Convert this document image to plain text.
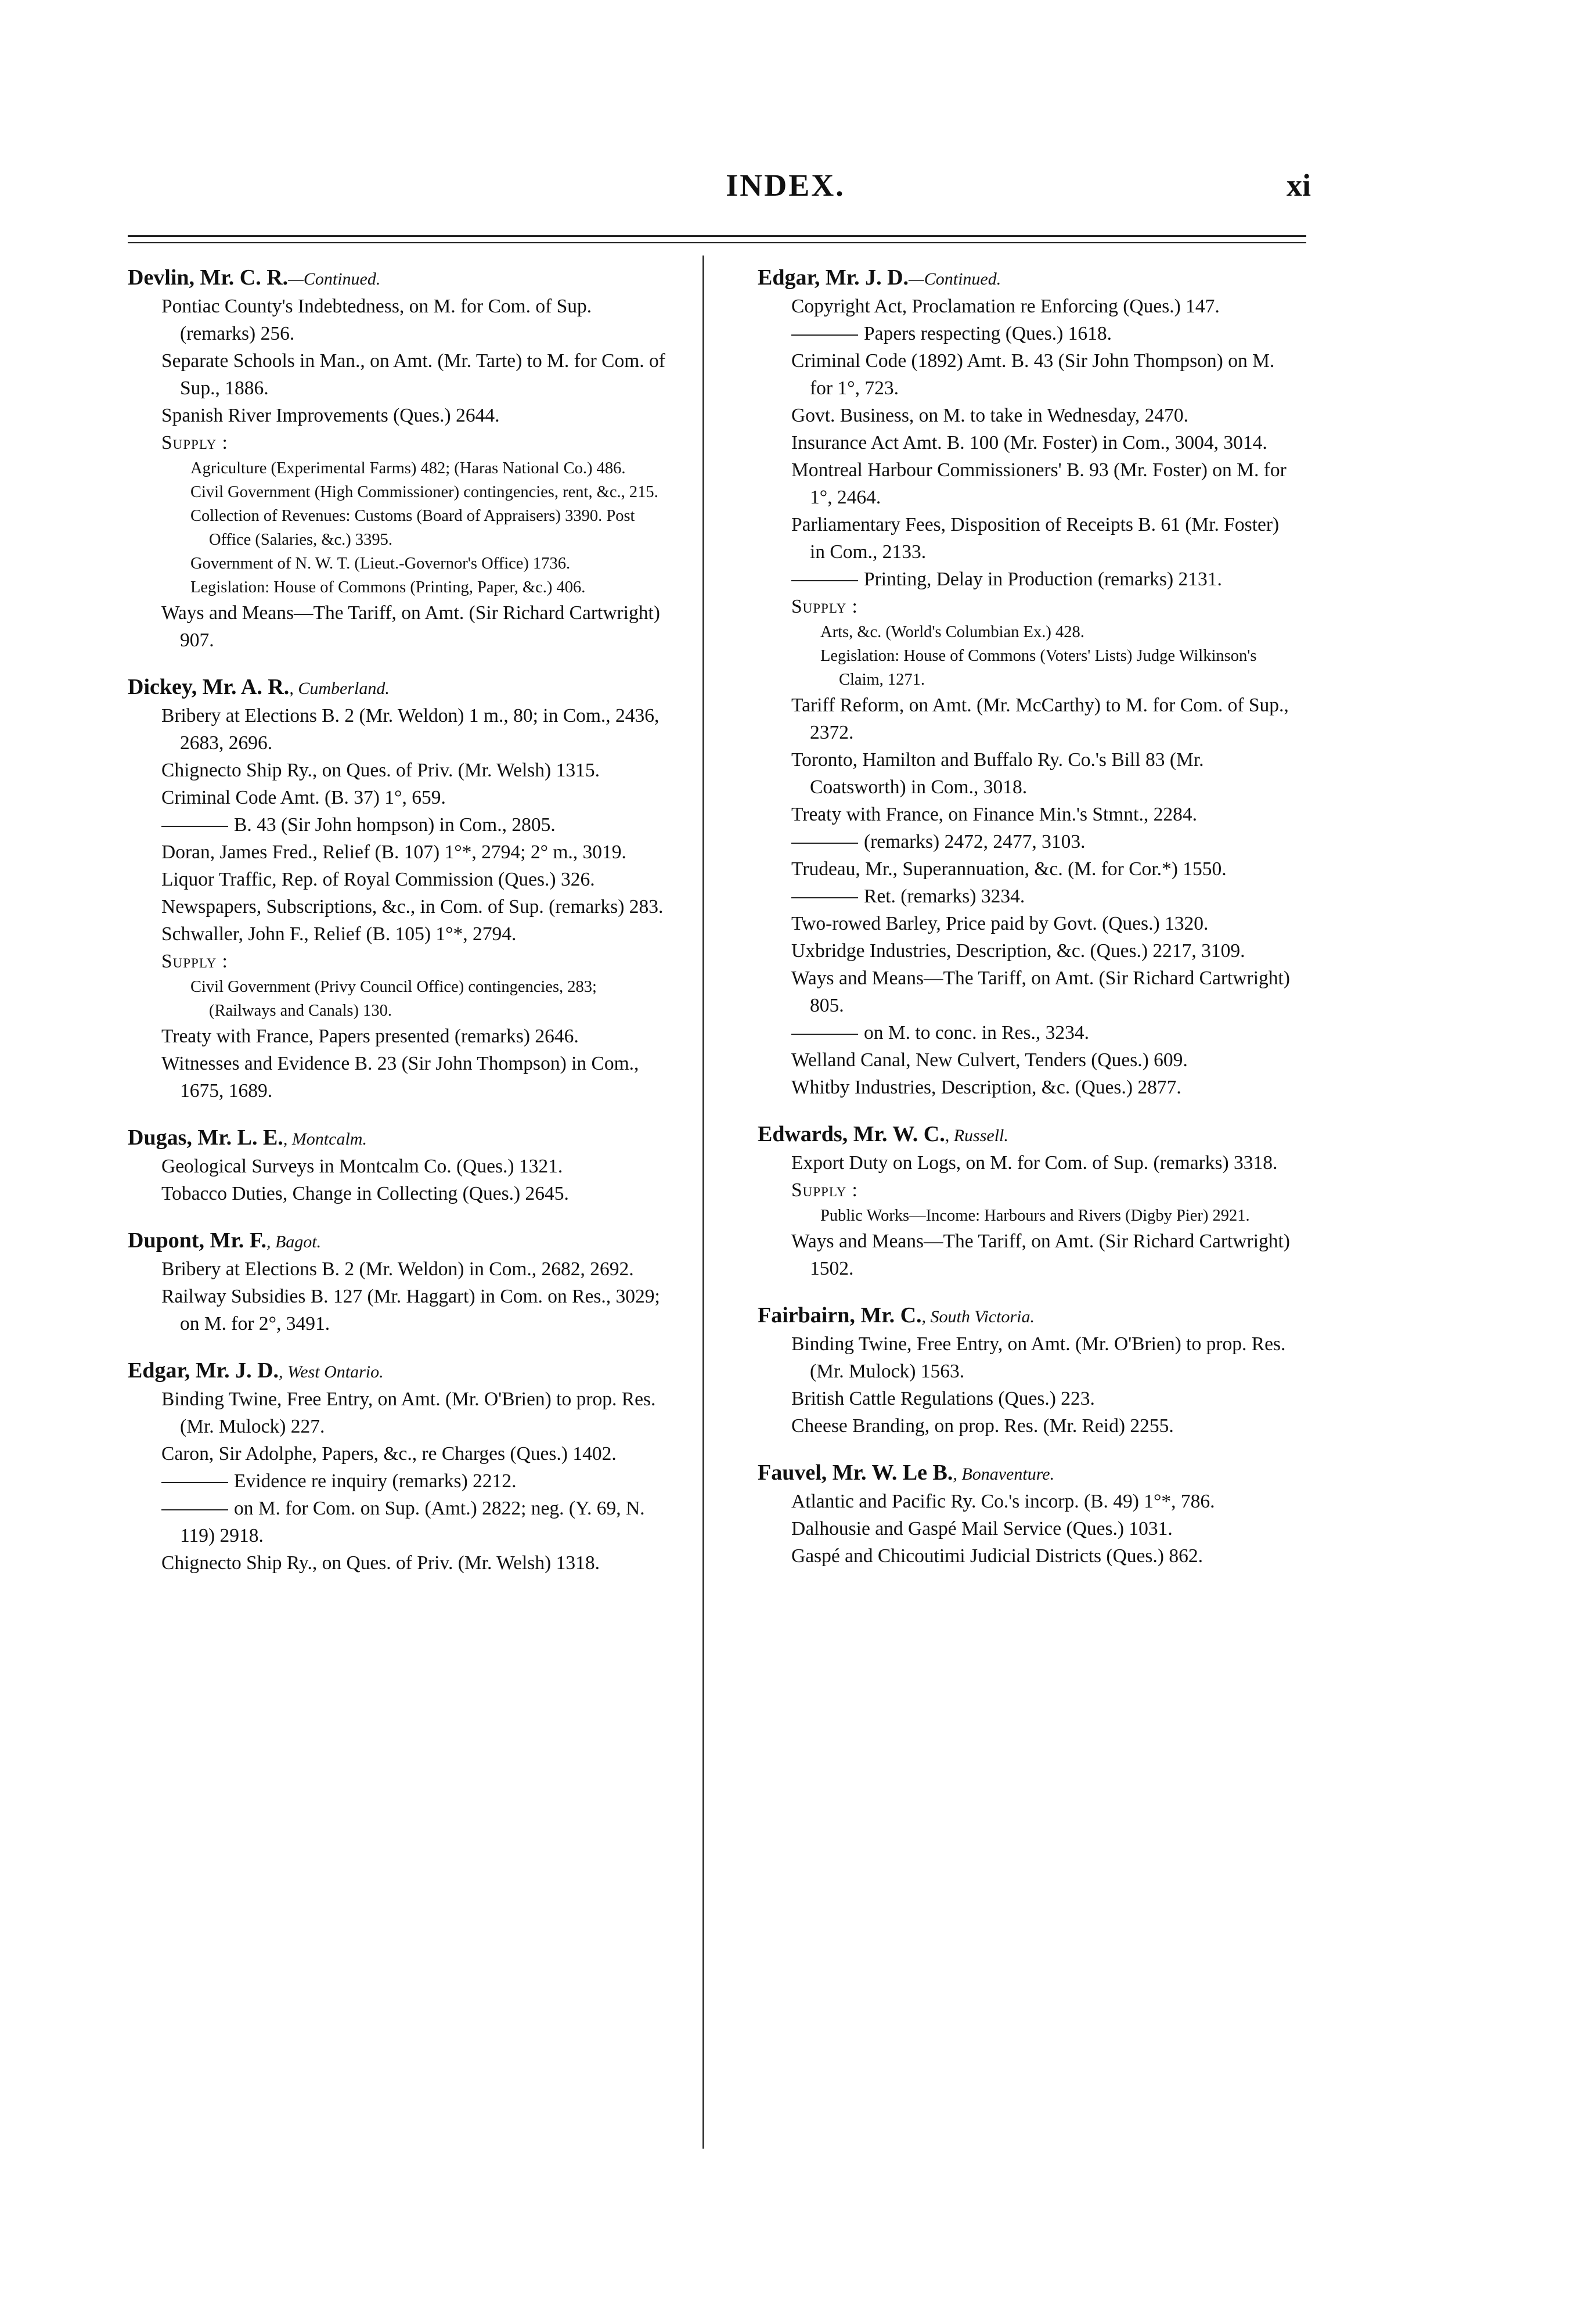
INDEX.	xi
Devlin, Mr. C. R.—Continued.
Pontiac County's Indebtedness, on M. for Com. of Sup. (remarks) 256.
Separate Schools in Man., on Amt. (Mr. Tarte) to M. for Com. of Sup., 1886.
Spanish River Improvements (Ques.) 2644.
Supply :
Agriculture (Experimental Farms) 482; (Haras National Co.) 486.
Civil Government (High Commissioner) contingencies, rent, &c., 215.
Collection of Revenues: Customs (Board of Appraisers) 3390. Post Office (Salaries, &c.) 3395.
Government of N. W. T. (Lieut.-Governor's Office) 1736.
Legislation: House of Commons (Printing, Paper, &c.) 406.
Ways and Means—The Tariff, on Amt. (Sir Richard Cartwright) 907.
Dickey, Mr. A. R., Cumberland.
Bribery at Elections B. 2 (Mr. Weldon) 1 m., 80; in Com., 2436, 2683, 2696.
Chignecto Ship Ry., on Ques. of Priv. (Mr. Welsh) 1315.
Criminal Code Amt. (B. 37) 1°, 659.
B. 43 (Sir John hompson) in Com., 2805.
Doran, James Fred., Relief (B. 107) 1°*, 2794; 2° m., 3019.
Liquor Traffic, Rep. of Royal Commission (Ques.) 326.
Newspapers, Subscriptions, &c., in Com. of Sup. (remarks) 283.
Schwaller, John F., Relief (B. 105) 1°*, 2794.
Supply :
Civil Government (Privy Council Office) contingencies, 283; (Railways and Canals) 130.
Treaty with France, Papers presented (remarks) 2646.
Witnesses and Evidence B. 23 (Sir John Thompson) in Com., 1675, 1689.
Dugas, Mr. L. E., Montcalm.
Geological Surveys in Montcalm Co. (Ques.) 1321.
Tobacco Duties, Change in Collecting (Ques.) 2645.
Dupont, Mr. F., Bagot.
Bribery at Elections B. 2 (Mr. Weldon) in Com., 2682, 2692.
Railway Subsidies B. 127 (Mr. Haggart) in Com. on Res., 3029; on M. for 2°, 3491.
Edgar, Mr. J. D., West Ontario.
Binding Twine, Free Entry, on Amt. (Mr. O'Brien) to prop. Res. (Mr. Mulock) 227.
Caron, Sir Adolphe, Papers, &c., re Charges (Ques.) 1402.
Evidence re inquiry (remarks) 2212.
on M. for Com. on Sup. (Amt.) 2822; neg. (Y. 69, N. 119) 2918.
Chignecto Ship Ry., on Ques. of Priv. (Mr. Welsh) 1318.
Edgar, Mr. J. D.—Continued.
Copyright Act, Proclamation re Enforcing (Ques.) 147.
Papers respecting (Ques.) 1618.
Criminal Code (1892) Amt. B. 43 (Sir John Thompson) on M. for 1°, 723.
Govt. Business, on M. to take in Wednesday, 2470.
Insurance Act Amt. B. 100 (Mr. Foster) in Com., 3004, 3014.
Montreal Harbour Commissioners' B. 93 (Mr. Foster) on M. for 1°, 2464.
Parliamentary Fees, Disposition of Receipts B. 61 (Mr. Foster) in Com., 2133.
Printing, Delay in Production (remarks) 2131.
Supply :
Arts, &c. (World's Columbian Ex.) 428.
Legislation: House of Commons (Voters' Lists) Judge Wilkinson's Claim, 1271.
Tariff Reform, on Amt. (Mr. McCarthy) to M. for Com. of Sup., 2372.
Toronto, Hamilton and Buffalo Ry. Co.'s Bill 83 (Mr. Coatsworth) in Com., 3018.
Treaty with France, on Finance Min.'s Stmnt., 2284.
(remarks) 2472, 2477, 3103.
Trudeau, Mr., Superannuation, &c. (M. for Cor.*) 1550.
Ret. (remarks) 3234.
Two-rowed Barley, Price paid by Govt. (Ques.) 1320.
Uxbridge Industries, Description, &c. (Ques.) 2217, 3109.
Ways and Means—The Tariff, on Amt. (Sir Richard Cartwright) 805.
on M. to conc. in Res., 3234.
Welland Canal, New Culvert, Tenders (Ques.) 609.
Whitby Industries, Description, &c. (Ques.) 2877.
Edwards, Mr. W. C., Russell.
Export Duty on Logs, on M. for Com. of Sup. (remarks) 3318.
Supply :
Public Works—Income: Harbours and Rivers (Digby Pier) 2921.
Ways and Means—The Tariff, on Amt. (Sir Richard Cartwright) 1502.
Fairbairn, Mr. C., South Victoria.
Binding Twine, Free Entry, on Amt. (Mr. O'Brien) to prop. Res. (Mr. Mulock) 1563.
British Cattle Regulations (Ques.) 223.
Cheese Branding, on prop. Res. (Mr. Reid) 2255.
Fauvel, Mr. W. Le B., Bonaventure.
Atlantic and Pacific Ry. Co.'s incorp. (B. 49) 1°*, 786.
Dalhousie and Gaspé Mail Service (Ques.) 1031.
Gaspé and Chicoutimi Judicial Districts (Ques.) 862.
